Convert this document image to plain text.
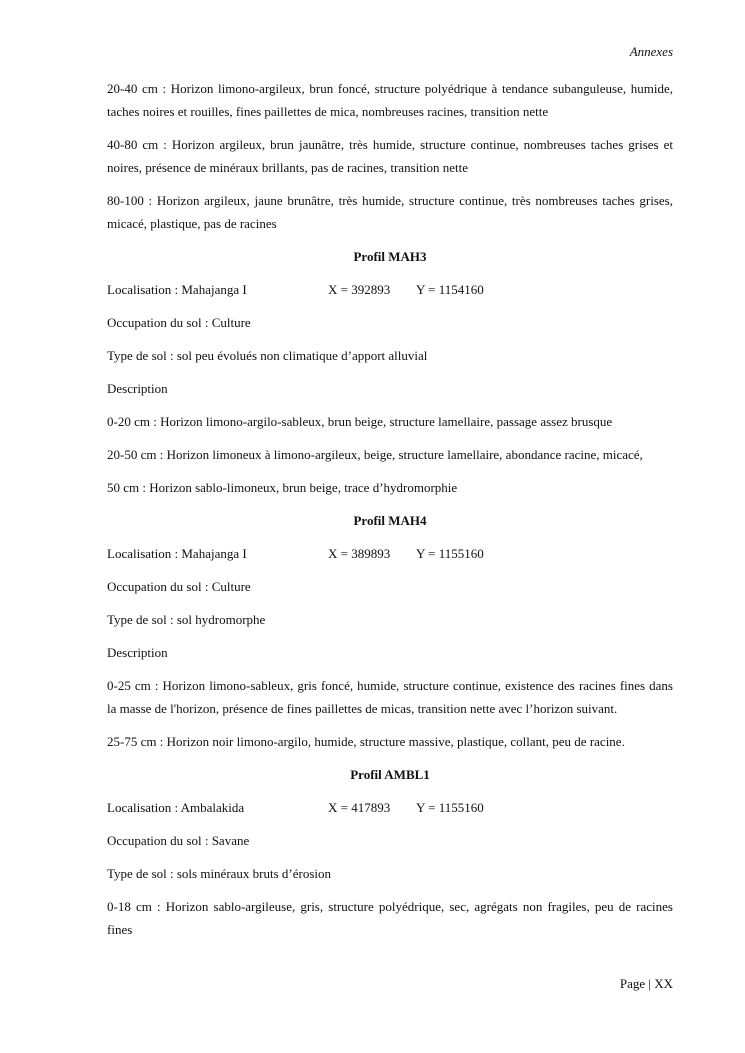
Annexes

20-40 cm : Horizon limono-argileux, brun foncé, structure polyédrique à tendance subanguleuse, humide, taches noires et rouilles, fines paillettes de mica, nombreuses racines, transition nette

40-80 cm : Horizon argileux, brun jaunâtre, très humide, structure continue, nombreuses taches grises et noires, présence de minéraux brillants, pas de racines, transition nette

80-100 : Horizon argileux, jaune brunâtre, très humide, structure continue, très nombreuses taches grises, micacé, plastique, pas de racines

Profil MAH3
Localisation : Mahajanga I	X = 392893 Y = 1154160

Occupation du sol : Culture

Type de sol : sol peu évolués non climatique d’apport alluvial

Description

0-20 cm : Horizon limono-argilo-sableux, brun beige, structure lamellaire, passage assez brusque

20-50 cm : Horizon limoneux à limono-argileux, beige, structure lamellaire, abondance racine, micacé,

50 cm : Horizon sablo-limoneux, brun beige, trace d’hydromorphie

Profil MAH4
Localisation : Mahajanga I	X = 389893 Y = 1155160

Occupation du sol : Culture

Type de sol : sol hydromorphe

Description

0-25 cm : Horizon limono-sableux, gris foncé, humide, structure continue, existence des racines fines dans la masse de l'horizon, présence de fines paillettes de micas, transition nette avec l’horizon suivant.

25-75 cm : Horizon noir limono-argilo, humide, structure massive, plastique, collant, peu de racine.

Profil AMBL1
Localisation : Ambalakida	X = 417893 Y = 1155160

Occupation du sol : Savane

Type de sol : sols minéraux bruts d’érosion

0-18 cm : Horizon sablo-argileuse, gris, structure polyédrique, sec, agrégats non fragiles, peu de racines fines

Page | XX
